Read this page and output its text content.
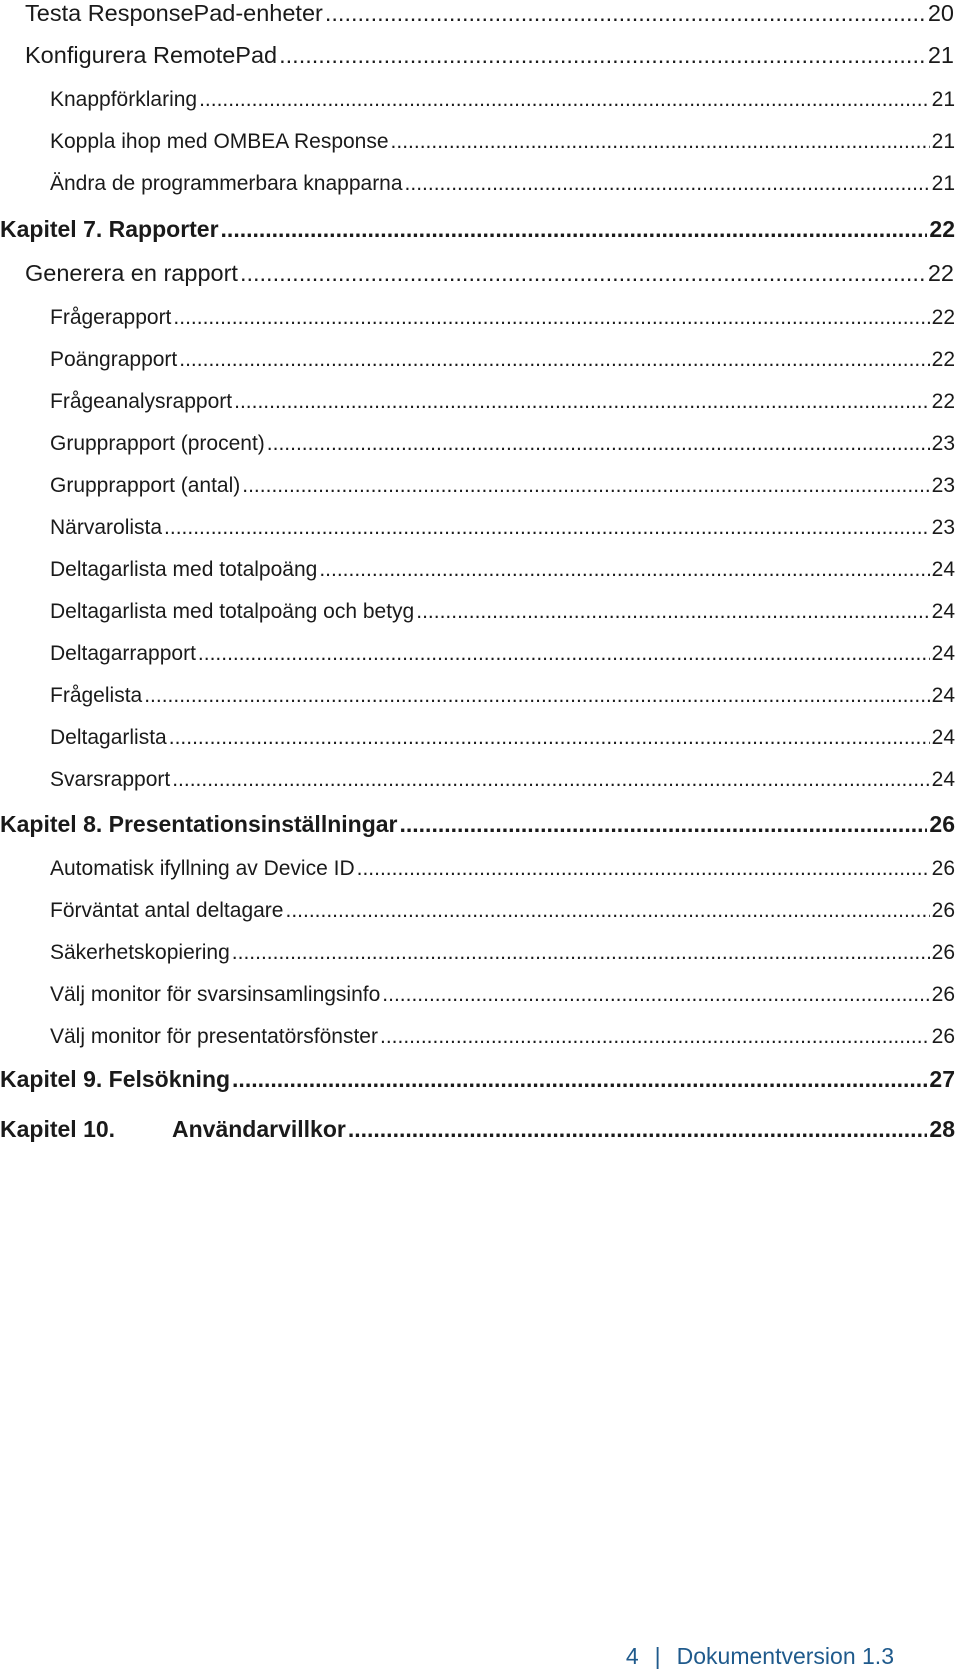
Testa ResponsePad-enheter .....	20
Konfigurera RemotePad .....	21
Knappförklaring .....	21
Koppla ihop med OMBEA Response .....	21
Ändra de programmerbara knapparna .....	21
Kapitel 7. Rapporter .....	22
Generera en rapport .....	22
Frågerapport .....	22
Poängrapport .....	22
Frågeanalysrapport .....	22
Grupprapport (procent) .....	23
Grupprapport (antal) .....	23
Närvarolista .....	23
Deltagarlista med totalpoäng .....	24
Deltagarlista med totalpoäng och betyg .....	24
Deltagarrapport .....	24
Frågelista .....	24
Deltagarlista .....	24
Svarsrapport .....	24
Kapitel 8. Presentationsinställningar .....	26
Automatisk ifyllning av Device ID .....	26
Förväntat antal deltagare .....	26
Säkerhetskopiering .....	26
Välj monitor för svarsinsamlingsinfo .....	26
Välj monitor för presentatörsfönster .....	26
Kapitel 9. Felsökning .....	27
Kapitel 10. Användarvillkor .....	28
4 | Dokumentversion 1.3
